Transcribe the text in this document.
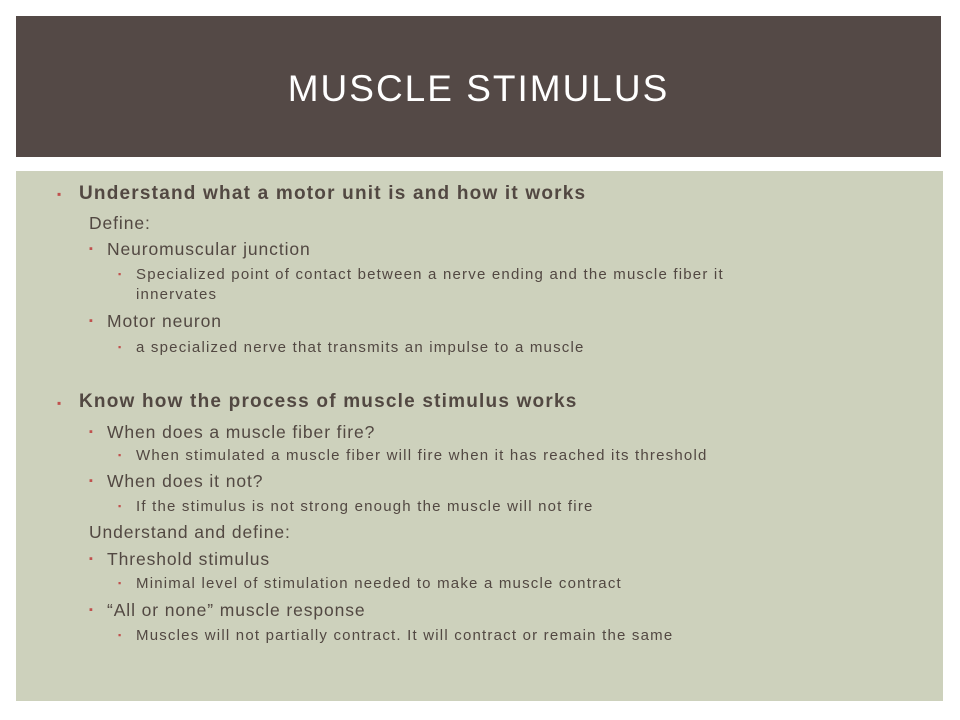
MUSCLE STIMULUS
▪ Understand what a motor unit is and how it works
Define:
▪ Neuromuscular junction
▪ Specialized point of contact between a nerve ending and the muscle fiber it
innervates
▪ Motor neuron
▪ a specialized nerve that transmits an impulse to a muscle
▪ Know how the process of muscle stimulus works
▪ When does a muscle fiber fire?
▪ When stimulated a muscle fiber will fire when it has reached its threshold
▪ When does it not?
▪ If the stimulus is not strong enough the muscle will not fire
Understand and define:
▪ Threshold stimulus
▪ Minimal level of stimulation needed to make a muscle contract
▪ “All or none” muscle response
▪ Muscles will not partially contract. It will contract or remain the same
